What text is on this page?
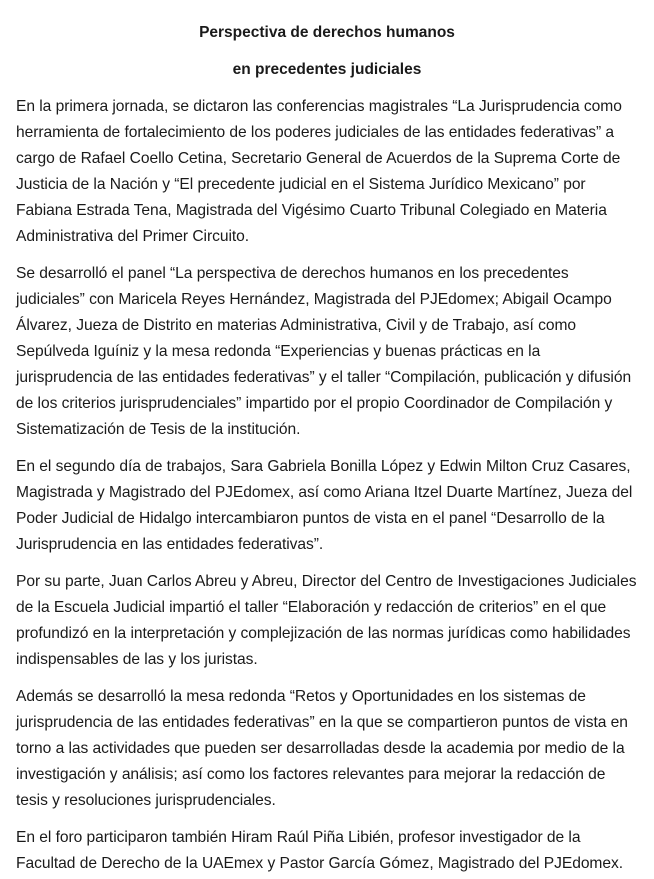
Perspectiva de derechos humanos

en precedentes judiciales

En la primera jornada, se dictaron las conferencias magistrales “La Jurisprudencia como herramienta de fortalecimiento de los poderes judiciales de las entidades federativas” a cargo de Rafael Coello Cetina, Secretario General de Acuerdos de la Suprema Corte de Justicia de la Nación y “El precedente judicial en el Sistema Jurídico Mexicano” por Fabiana Estrada Tena, Magistrada del Vigésimo Cuarto Tribunal Colegiado en Materia Administrativa del Primer Circuito.

Se desarrolló el panel “La perspectiva de derechos humanos en los precedentes judiciales” con Maricela Reyes Hernández, Magistrada del PJEdomex; Abigail Ocampo Álvarez, Jueza de Distrito en materias Administrativa, Civil y de Trabajo, así como Sepúlveda Iguíniz y la mesa redonda “Experiencias y buenas prácticas en la jurisprudencia de las entidades federativas” y el taller “Compilación, publicación y difusión de los criterios jurisprudenciales” impartido por el propio Coordinador de Compilación y Sistematización de Tesis de la institución.

En el segundo día de trabajos, Sara Gabriela Bonilla López y Edwin Milton Cruz Casares, Magistrada y Magistrado del PJEdomex, así como Ariana Itzel Duarte Martínez, Jueza del Poder Judicial de Hidalgo intercambiaron puntos de vista en el panel “Desarrollo de la Jurisprudencia en las entidades federativas”.

Por su parte, Juan Carlos Abreu y Abreu, Director del Centro de Investigaciones Judiciales de la Escuela Judicial impartió el taller “Elaboración y redacción de criterios” en el que profundizó en la interpretación y complejización de las normas jurídicas como habilidades indispensables de las y los juristas.

Además se desarrolló la mesa redonda “Retos y Oportunidades en los sistemas de jurisprudencia de las entidades federativas” en la que se compartieron puntos de vista en torno a las actividades que pueden ser desarrolladas desde la academia por medio de la investigación y análisis; así como los factores relevantes para mejorar la redacción de tesis y resoluciones jurisprudenciales.

En el foro participaron también Hiram Raúl Piña Libién, profesor investigador de la Facultad de Derecho de la UAEmex y Pastor García Gómez, Magistrado del PJEdomex.
